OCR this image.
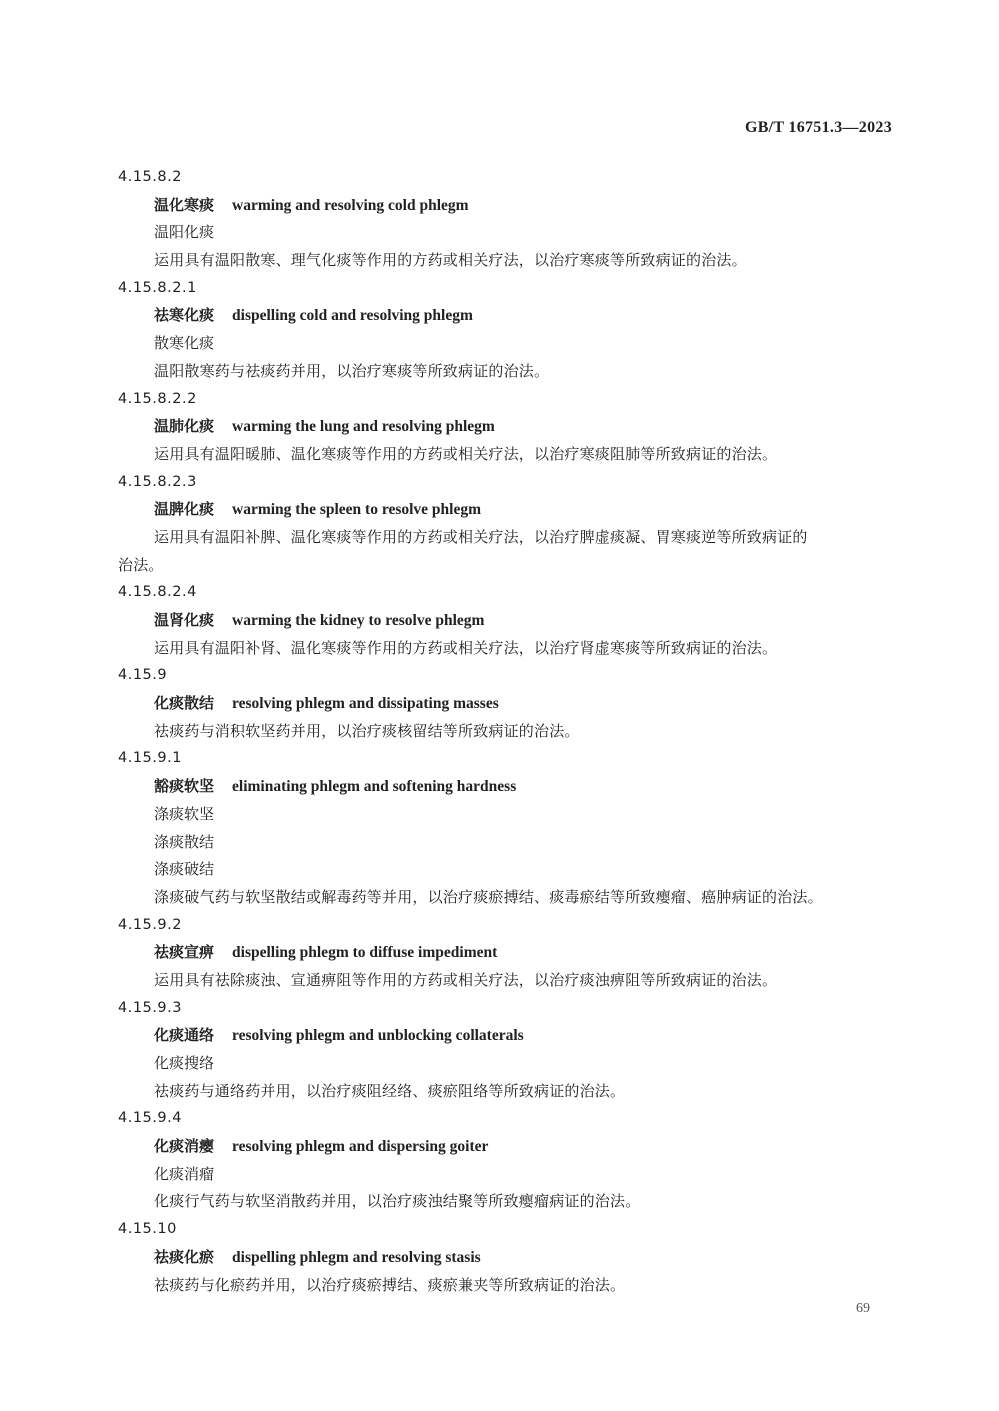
GB/T 16751.3—2023
4.15.8.2
温化寒痰 warming and resolving cold phlegm
温阳化痰
运用具有温阳散寒、理气化痰等作用的方药或相关疗法，以治疗寒痰等所致病证的治法。
4.15.8.2.1
祛寒化痰 dispelling cold and resolving phlegm
散寒化痰
温阳散寒药与祛痰药并用，以治疗寒痰等所致病证的治法。
4.15.8.2.2
温肺化痰 warming the lung and resolving phlegm
运用具有温阳暖肺、温化寒痰等作用的方药或相关疗法，以治疗寒痰阻肺等所致病证的治法。
4.15.8.2.3
温脾化痰 warming the spleen to resolve phlegm
运用具有温阳补脾、温化寒痰等作用的方药或相关疗法，以治疗脾虚痰凝、胃寒痰逆等所致病证的
治法。
4.15.8.2.4
温肾化痰 warming the kidney to resolve phlegm
运用具有温阳补肾、温化寒痰等作用的方药或相关疗法，以治疗肾虚寒痰等所致病证的治法。
4.15.9
化痰散结 resolving phlegm and dissipating masses
祛痰药与消积软坚药并用，以治疗痰核留结等所致病证的治法。
4.15.9.1
豁痰软坚 eliminating phlegm and softening hardness
涤痰软坚
涤痰散结
涤痰破结
涤痰破气药与软坚散结或解毒药等并用，以治疗痰瘀搏结、痰毒瘀结等所致瘿瘤、癌肿病证的治法。
4.15.9.2
祛痰宣痹 dispelling phlegm to diffuse impediment
运用具有祛除痰浊、宣通痹阻等作用的方药或相关疗法，以治疗痰浊痹阻等所致病证的治法。
4.15.9.3
化痰通络 resolving phlegm and unblocking collaterals
化痰搜络
祛痰药与通络药并用，以治疗痰阻经络、痰瘀阻络等所致病证的治法。
4.15.9.4
化痰消瘿 resolving phlegm and dispersing goiter
化痰消瘤
化痰行气药与软坚消散药并用，以治疗痰浊结聚等所致瘿瘤病证的治法。
4.15.10
祛痰化瘀 dispelling phlegm and resolving stasis
祛痰药与化瘀药并用，以治疗痰瘀搏结、痰瘀兼夹等所致病证的治法。
69
